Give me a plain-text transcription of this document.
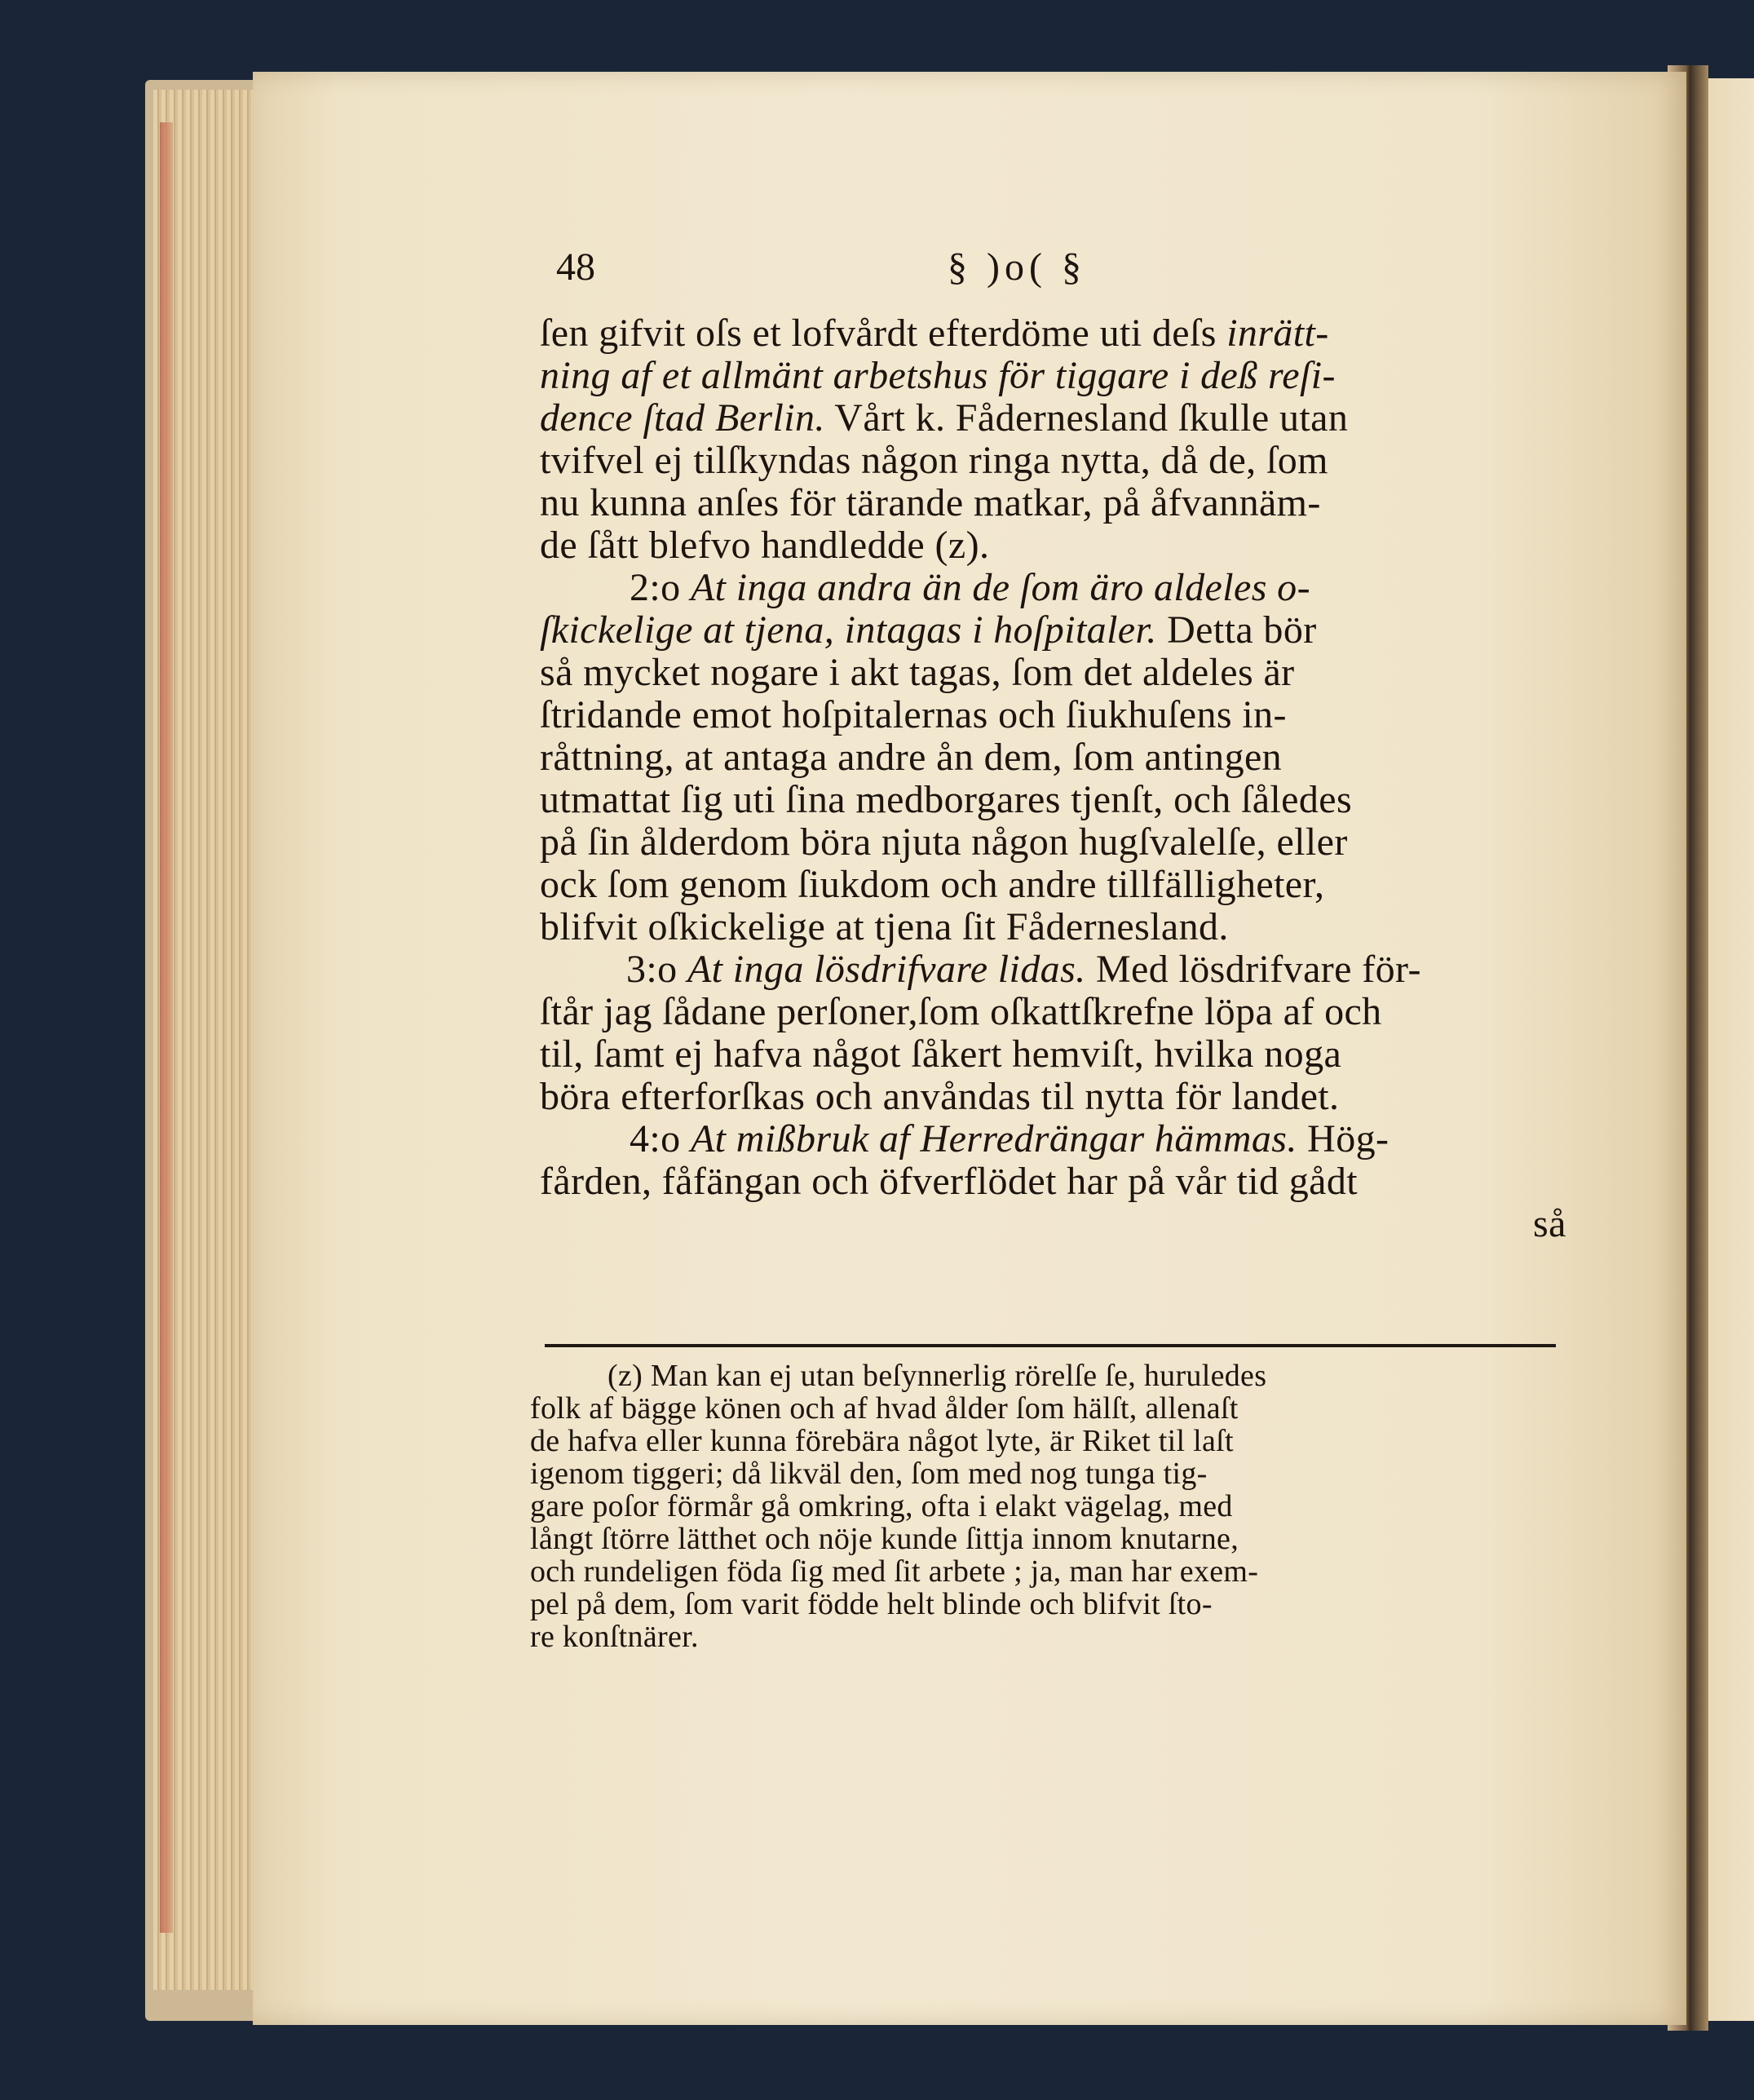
48	§ )o( §
ſen gifvit oſs et lofvårdt efterdöme uti deſs inrätt-
ning af et allmänt arbetshus för tiggare i deß reſi-
dence ſtad Berlin. Vårt k. Fådernesland ſkulle utan
tvifvel ej tilſkyndas någon ringa nytta, då de, ſom
nu kunna anſes för tärande matkar, på åfvannäm-
de ſått blefvo handledde (z).
2:o At inga andra än de ſom äro aldeles o-
ſkickelige at tjena, intagas i hoſpitaler. Detta bör
så mycket nogare i akt tagas, ſom det aldeles är
ſtridande emot hoſpitalernas och ſiukhuſens in-
råttning, at antaga andre ån dem, ſom antingen
utmattat ſig uti ſina medborgares tjenſt, och ſåledes
på ſin ålderdom böra njuta någon hugſvalelſe, eller
ock ſom genom ſiukdom och andre tillfälligheter,
blifvit oſkickelige at tjena ſit Fådernesland.
3:o At inga lösdrifvare lidas. Med lösdrifvare för-
ſtår jag ſådane perſoner,ſom oſkattſkrefne löpa af och
til, ſamt ej hafva något ſåkert hemviſt, hvilka noga
böra efterforſkas och anvåndas til nytta för landet.
4:o At mißbruk af Herredrängar hämmas. Hög-
fården, fåfängan och öfverflödet har på vår tid gådt
så
(z) Man kan ej utan beſynnerlig rörelſe ſe, huruledes
folk af bägge könen och af hvad ålder ſom hälſt, allenaſt
de hafva eller kunna förebära något lyte, är Riket til laſt
igenom tiggeri; då likväl den, ſom med nog tunga tig-
gare poſor förmår gå omkring, ofta i elakt vägelag, med
långt ſtörre lätthet och nöje kunde ſittja innom knutarne,
och rundeligen föda ſig med ſit arbete ; ja, man har exem-
pel på dem, ſom varit födde helt blinde och blifvit ſto-
re konſtnärer.
